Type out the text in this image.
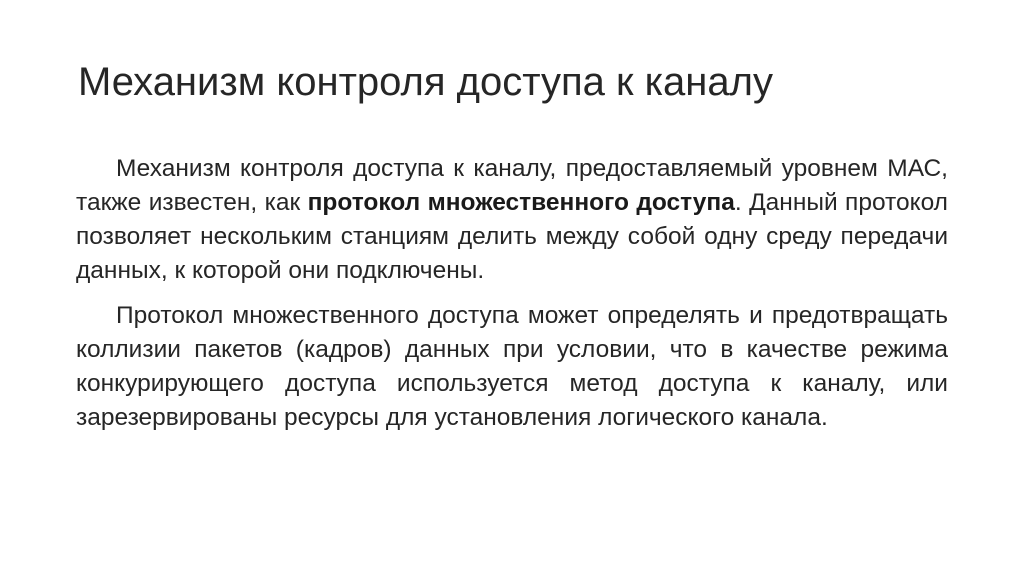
Механизм контроля доступа к каналу

Механизм контроля доступа к каналу, предоставляемый уровнем МАС, также известен, как протокол множественного доступа. Данный протокол позволяет нескольким станциям делить между собой одну среду передачи данных, к которой они подключены.

Протокол множественного доступа может определять и предотвращать коллизии пакетов (кадров) данных при условии, что в качестве режима конкурирующего доступа используется метод доступа к каналу, или зарезервированы ресурсы для установления логического канала.
